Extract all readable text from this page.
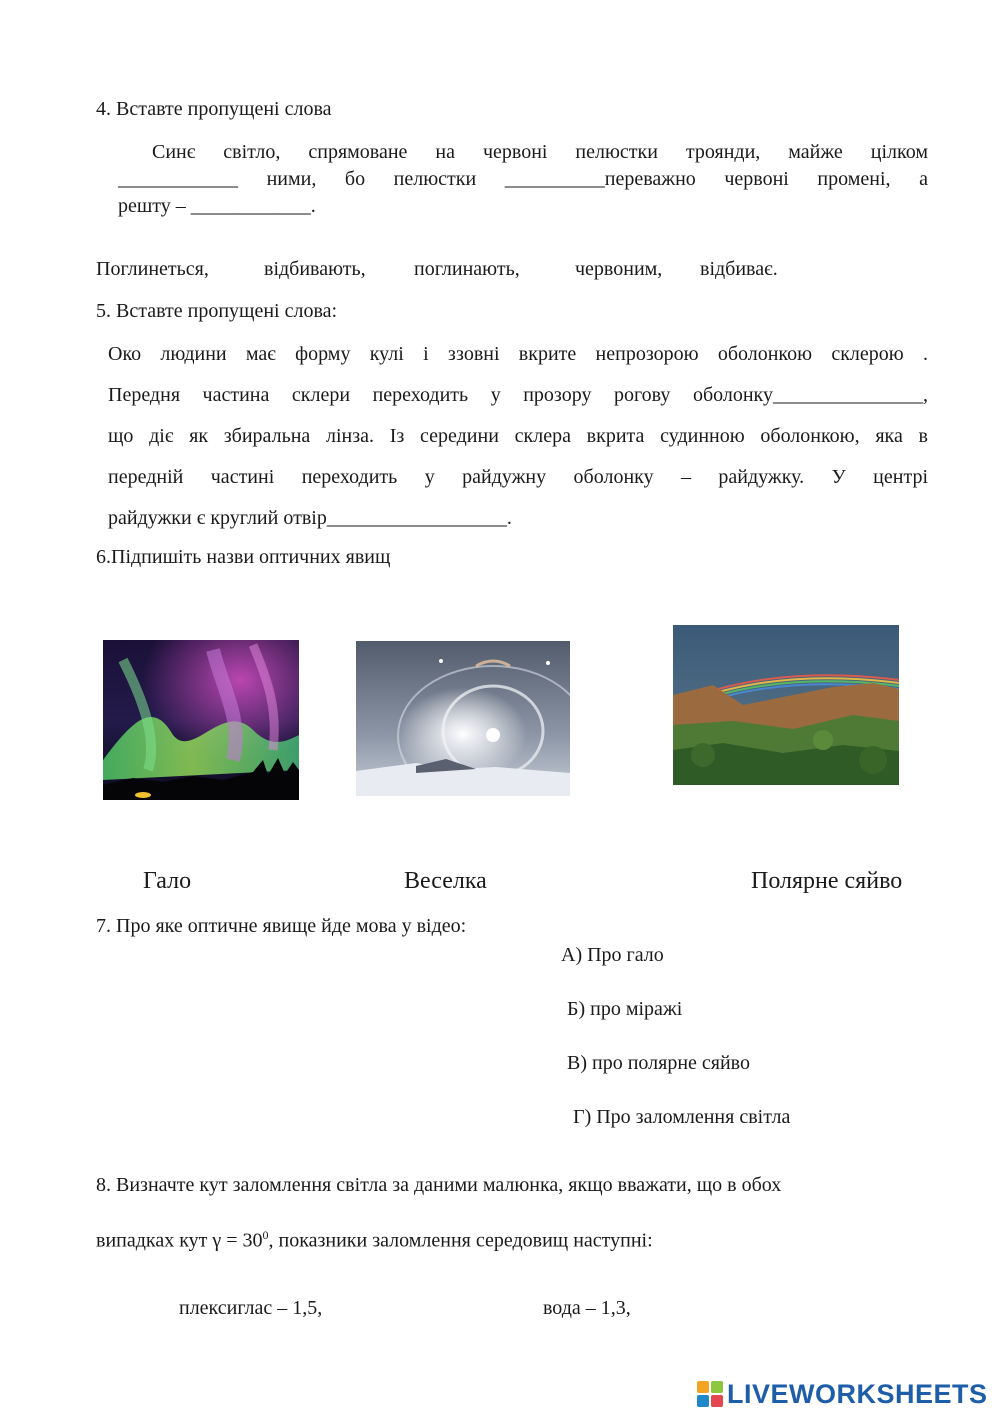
4. Вставте пропущені слова
Синє світло, спрямоване на червоні пелюстки троянди, майже цілком
____________ ними, бо пелюстки __________переважно червоні промені, а
решту – ____________.
Поглинеться,	відбивають, поглинають,	червоним, відбиває.
5. Вставте пропущені слова:
Око людини має форму кулі і ззовні вкрите непрозорою оболонкою склерою .
Передня частина склери переходить у прозору рогову оболонку_______________,
що діє як збиральна лінза. Із середини склера вкрита судинною оболонкою, яка в
передній частині переходить у райдужну оболонку – райдужку. У центрі
райдужки є круглий отвір__________________.
6.Підпишіть назви оптичних явищ
Гало	Веселка	Полярне сяйво
7. Про яке оптичне явище йде мова у відео:
А) Про гало
Б) про міражі
В) про полярне сяйво
Г) Про заломлення світла
8. Визначте кут заломлення світла за даними малюнка, якщо вважати, що в обох
випадках кут $\gamma = 30^0$, показники заломлення середовищ наступні:
плексиглас – 1,5,	вода – 1,3,
LIVEWORKSHEETS
